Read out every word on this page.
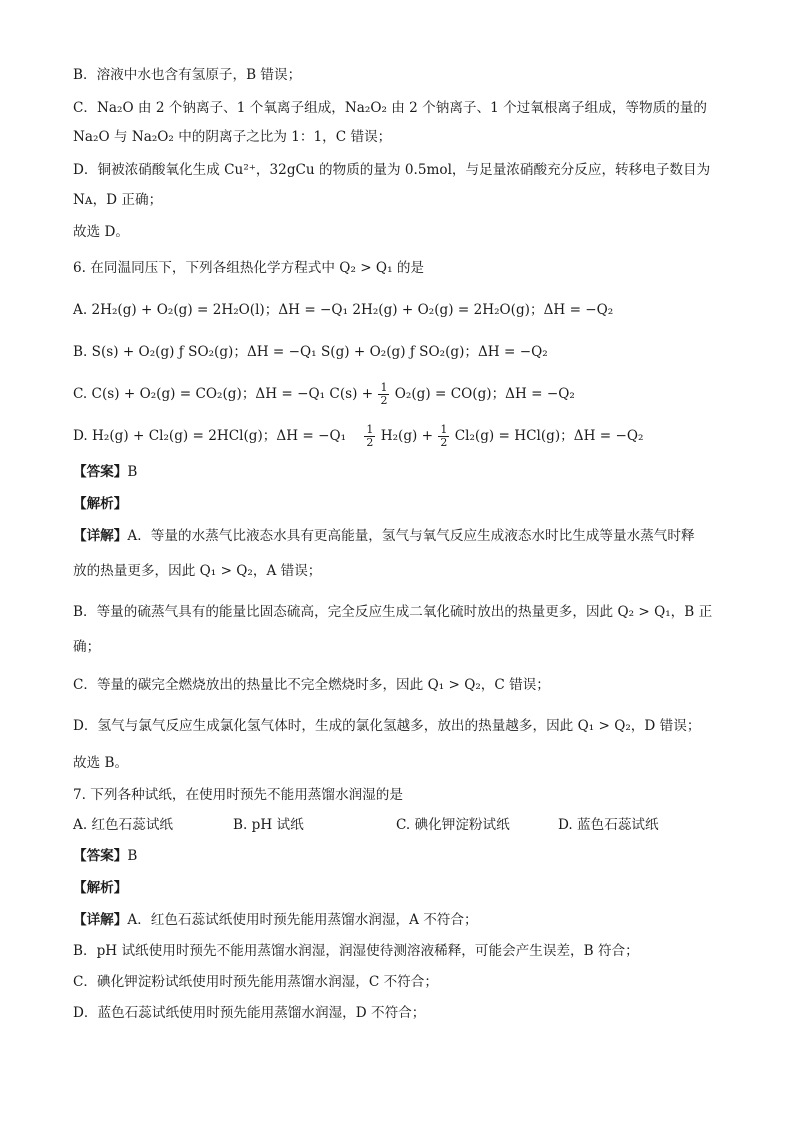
B．溶液中水也含有氢原子，B 错误；
C．Na₂O 由 2 个钠离子、1 个氧离子组成，Na₂O₂ 由 2 个钠离子、1 个过氧根离子组成，等物质的量的
Na₂O 与 Na₂O₂ 中的阴离子之比为 1：1，C 错误；
D．铜被浓硝酸氧化生成 Cu²⁺，32gCu 的物质的量为 0.5mol，与足量浓硝酸充分反应，转移电子数目为
Nᴀ，D 正确；
故选 D。
6. 在同温同压下，下列各组热化学方程式中 Q₂ > Q₁ 的是
A. 2H₂(g) + O₂(g) = 2H₂O(l)；ΔH = −Q₁ 2H₂(g) + O₂(g) = 2H₂O(g)；ΔH = −Q₂
B. S(s) + O₂(g) ƒ SO₂(g)；ΔH = −Q₁ S(g) + O₂(g) ƒ SO₂(g)；ΔH = −Q₂
C. C(s) + O₂(g) = CO₂(g)；ΔH = −Q₁ $C(s) + \frac{1}{2} O_2(g) = CO(g)$；ΔH = −Q₂
D. H₂(g) + Cl₂(g) = 2HCl(g)；$\Delta H = -Q_1 \frac{1}{2} H_2(g) + \frac{1}{2} Cl_2(g) = HCl(g)$；ΔH = −Q₂
【答案】B
【解析】
【详解】A．等量的水蒸气比液态水具有更高能量，氢气与氧气反应生成液态水时比生成等量水蒸气时释
放的热量更多，因此 Q₁ > Q₂，A 错误；
B．等量的硫蒸气具有的能量比固态硫高，完全反应生成二氧化硫时放出的热量更多，因此 Q₂ > Q₁，B 正
确；
C．等量的碳完全燃烧放出的热量比不完全燃烧时多，因此 Q₁ > Q₂，C 错误；
D．氢气与氯气反应生成氯化氢气体时，生成的氯化氢越多，放出的热量越多，因此 Q₁ > Q₂，D 错误；
故选 B。
7. 下列各种试纸，在使用时预先不能用蒸馏水润湿的是
A. 红色石蕊试纸	B. pH 试纸	C. 碘化钾淀粉试纸	D. 蓝色石蕊试纸
【答案】B
【解析】
【详解】A．红色石蕊试纸使用时预先能用蒸馏水润湿，A 不符合；
B．pH 试纸使用时预先不能用蒸馏水润湿，润湿使待测溶液稀释，可能会产生误差，B 符合；
C．碘化钾淀粉试纸使用时预先能用蒸馏水润湿，C 不符合；
D．蓝色石蕊试纸使用时预先能用蒸馏水润湿，D 不符合；
